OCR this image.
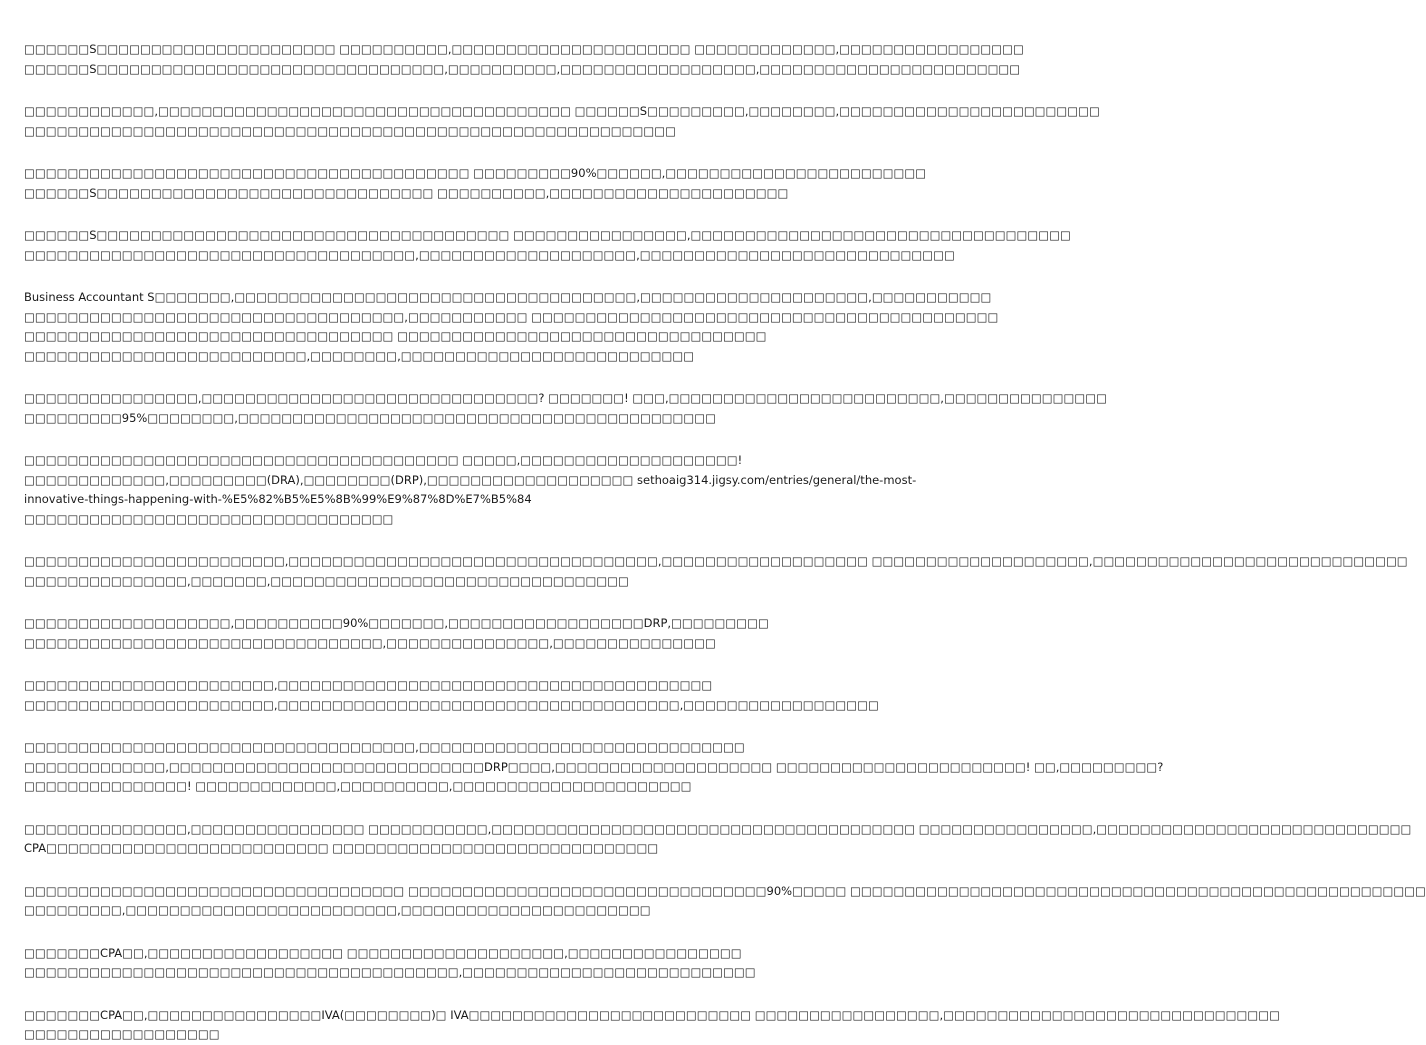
□□□□□□S□□□□□□□□□□□□□□□□□□□□□□ □□□□□□□□□□,□□□□□□□□□□□□□□□□□□□□□□ □□□□□□□□□□□□□,□□□□□□□□□□□□□□□□□
□□□□□□S□□□□□□□□□□□□□□□□□□□□□□□□□□□□□□□□,□□□□□□□□□□,□□□□□□□□□□□□□□□□□□,□□□□□□□□□□□□□□□□□□□□□□□□
□□□□□□□□□□□□,□□□□□□□□□□□□□□□□□□□□□□□□□□□□□□□□□□□□□□ □□□□□□S□□□□□□□□□,□□□□□□□□,□□□□□□□□□□□□□□□□□□□□□□□□
□□□□□□□□□□□□□□□□□□□□□□□□□□□□□□□□□□□□□□□□□□□□□□□□□□□□□□□□□□□□
□□□□□□□□□□□□□□□□□□□□□□□□□□□□□□□□□□□□□□□□□ □□□□□□□□□90%□□□□□□,□□□□□□□□□□□□□□□□□□□□□□□□
□□□□□□S□□□□□□□□□□□□□□□□□□□□□□□□□□□□□□□ □□□□□□□□□□,□□□□□□□□□□□□□□□□□□□□□□
□□□□□□S□□□□□□□□□□□□□□□□□□□□□□□□□□□□□□□□□□□□□□ □□□□□□□□□□□□□□□□,□□□□□□□□□□□□□□□□□□□□□□□□□□□□□□□□□□□
□□□□□□□□□□□□□□□□□□□□□□□□□□□□□□□□□□□□,□□□□□□□□□□□□□□□□□□□□,□□□□□□□□□□□□□□□□□□□□□□□□□□□□□
Business Accountant S□□□□□□□,□□□□□□□□□□□□□□□□□□□□□□□□□□□□□□□□□□□□□,□□□□□□□□□□□□□□□□□□□□□,□□□□□□□□□□□
□□□□□□□□□□□□□□□□□□□□□□□□□□□□□□□□□□□,□□□□□□□□□□□ □□□□□□□□□□□□□□□□□□□□□□□□□□□□□□□□□□□□□□□□□□□
□□□□□□□□□□□□□□□□□□□□□□□□□□□□□□□□□□ □□□□□□□□□□□□□□□□□□□□□□□□□□□□□□□□□□
□□□□□□□□□□□□□□□□□□□□□□□□□□,□□□□□□□□,□□□□□□□□□□□□□□□□□□□□□□□□□□□
□□□□□□□□□□□□□□□□,□□□□□□□□□□□□□□□□□□□□□□□□□□□□□□□? □□□□□□□! □□□,□□□□□□□□□□□□□□□□□□□□□□□□□,□□□□□□□□□□□□□□□
□□□□□□□□□95%□□□□□□□□,□□□□□□□□□□□□□□□□□□□□□□□□□□□□□□□□□□□□□□□□□□□□
□□□□□□□□□□□□□□□□□□□□□□□□□□□□□□□□□□□□□□□□ □□□□□,□□□□□□□□□□□□□□□□□□□□!
□□□□□□□□□□□□□,□□□□□□□□□(DRA),□□□□□□□□(DRP),□□□□□□□□□□□□□□□□□□□ sethoaig314.jigsy.com/entries/general/the-most-
innovative-things-happening-with-%E5%82%B5%E5%8B%99%E9%87%8D%E7%B5%84
□□□□□□□□□□□□□□□□□□□□□□□□□□□□□□□□□□
□□□□□□□□□□□□□□□□□□□□□□□□,□□□□□□□□□□□□□□□□□□□□□□□□□□□□□□□□□□,□□□□□□□□□□□□□□□□□□□ □□□□□□□□□□□□□□□□□□□□,□□□□□□□□□□□□□□□□□□□□□□□□□□□□□
□□□□□□□□□□□□□□□,□□□□□□□,□□□□□□□□□□□□□□□□□□□□□□□□□□□□□□□□□
□□□□□□□□□□□□□□□□□□□,□□□□□□□□□□90%□□□□□□□,□□□□□□□□□□□□□□□□□□DRP,□□□□□□□□□
□□□□□□□□□□□□□□□□□□□□□□□□□□□□□□□□□,□□□□□□□□□□□□□□□,□□□□□□□□□□□□□□□
□□□□□□□□□□□□□□□□□□□□□□□,□□□□□□□□□□□□□□□□□□□□□□□□□□□□□□□□□□□□□□□□
□□□□□□□□□□□□□□□□□□□□□□□,□□□□□□□□□□□□□□□□□□□□□□□□□□□□□□□□□□□□□,□□□□□□□□□□□□□□□□□□
□□□□□□□□□□□□□□□□□□□□□□□□□□□□□□□□□□□□,□□□□□□□□□□□□□□□□□□□□□□□□□□□□□□
□□□□□□□□□□□□□,□□□□□□□□□□□□□□□□□□□□□□□□□□□□□DRP□□□□,□□□□□□□□□□□□□□□□□□□□ □□□□□□□□□□□□□□□□□□□□□□□! □□,□□□□□□□□□?
□□□□□□□□□□□□□□□! □□□□□□□□□□□□□,□□□□□□□□□□,□□□□□□□□□□□□□□□□□□□□□□
□□□□□□□□□□□□□□□,□□□□□□□□□□□□□□□□ □□□□□□□□□□□,□□□□□□□□□□□□□□□□□□□□□□□□□□□□□□□□□□□□□□□ □□□□□□□□□□□□□□□□,□□□□□□□□□□□□□□□□□□□□□□□□□□□□□
CPA□□□□□□□□□□□□□□□□□□□□□□□□□□ □□□□□□□□□□□□□□□□□□□□□□□□□□□□□□
□□□□□□□□□□□□□□□□□□□□□□□□□□□□□□□□□□□ □□□□□□□□□□□□□□□□□□□□□□□□□□□□□□□□□90%□□□□□ □□□□□□□□□□□□□□□□□□□□□□□□□□□□□□□□□□□□□□□□□□□□□□□□□□□□□
□□□□□□□□□,□□□□□□□□□□□□□□□□□□□□□□□□□,□□□□□□□□□□□□□□□□□□□□□□□
□□□□□□□CPA□□,□□□□□□□□□□□□□□□□□□ □□□□□□□□□□□□□□□□□□□□,□□□□□□□□□□□□□□□□
□□□□□□□□□□□□□□□□□□□□□□□□□□□□□□□□□□□□□□□□,□□□□□□□□□□□□□□□□□□□□□□□□□□□
□□□□□□□CPA□□,□□□□□□□□□□□□□□□□IVA(□□□□□□□□)□ IVA□□□□□□□□□□□□□□□□□□□□□□□□□□ □□□□□□□□□□□□□□□□□,□□□□□□□□□□□□□□□□□□□□□□□□□□□□□□□
□□□□□□□□□□□□□□□□□□
